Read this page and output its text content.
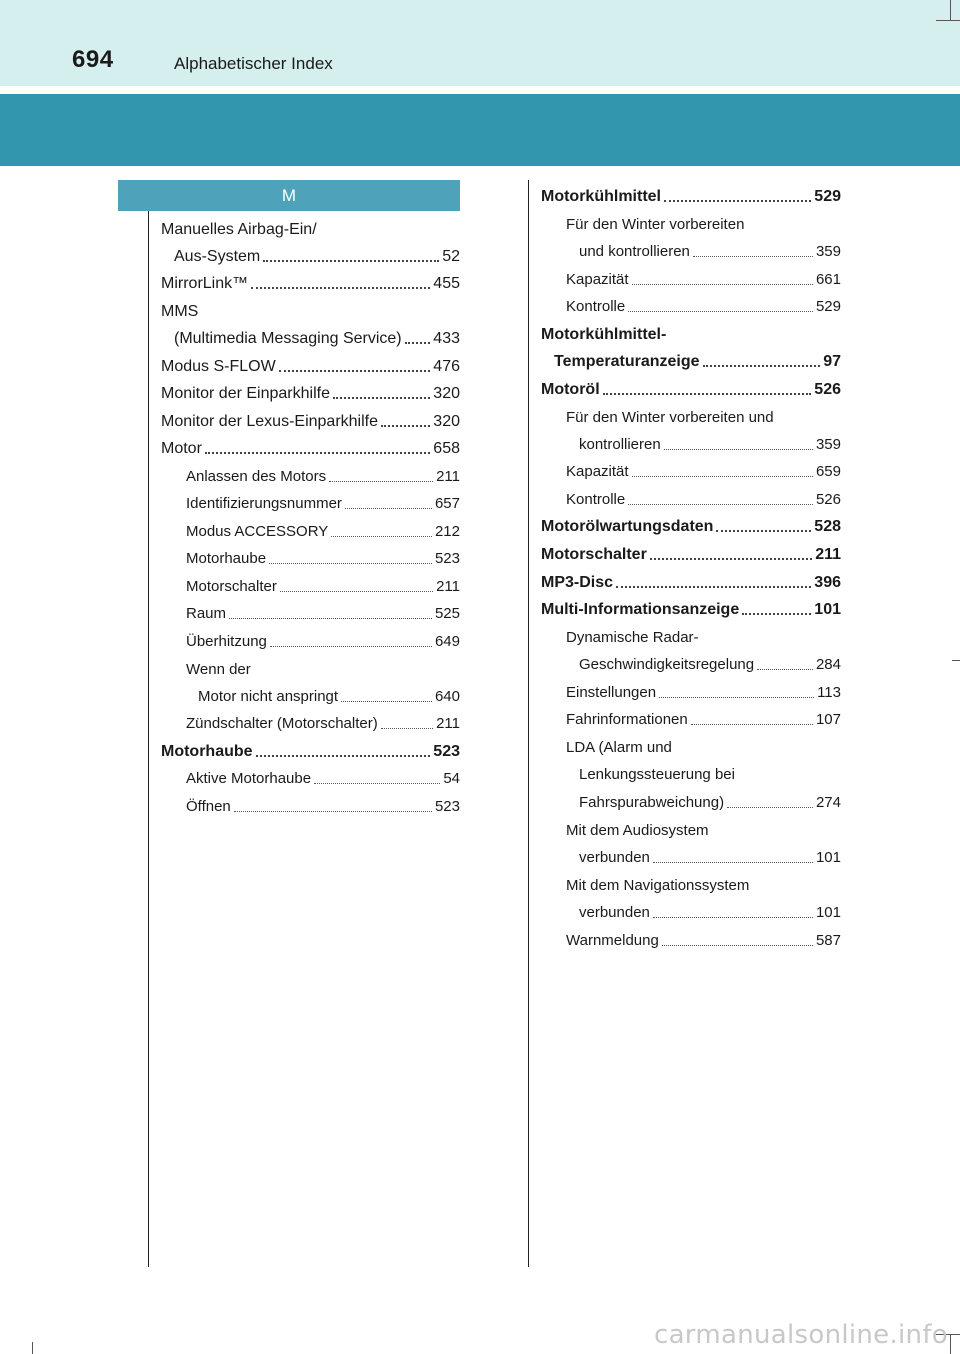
694	Alphabetischer Index
M
Manuelles Airbag-Ein/
Aus-System	52
MirrorLink™	455
MMS
(Multimedia Messaging Service) 433
Modus S-FLOW	476
Monitor der Einparkhilfe	320
Monitor der Lexus-Einparkhilfe	320
Motor	658
Anlassen des Motors	211
Identifizierungsnummer	657
Modus ACCESSORY	212
Motorhaube	523
Motorschalter	211
Raum	525
Überhitzung	649
Wenn der
Motor nicht anspringt	640
Zündschalter (Motorschalter)	211
Motorhaube	523
Aktive Motorhaube	54
Öffnen	523
Motorkühlmittel	529
Für den Winter vorbereiten
und kontrollieren	359
Kapazität	661
Kontrolle	529
Motorkühlmittel-
Temperaturanzeige	97
Motoröl	526
Für den Winter vorbereiten und
kontrollieren	359
Kapazität	659
Kontrolle	526
Motorölwartungsdaten	528
Motorschalter	211
MP3-Disc	396
Multi-Informationsanzeige	101
Dynamische Radar-
Geschwindigkeitsregelung	284
Einstellungen	113
Fahrinformationen	107
LDA (Alarm und
Lenkungssteuerung bei
Fahrspurabweichung)	274
Mit dem Audiosystem
verbunden	101
Mit dem Navigationssystem
verbunden	101
Warnmeldung	587
carmanualsonline.info
